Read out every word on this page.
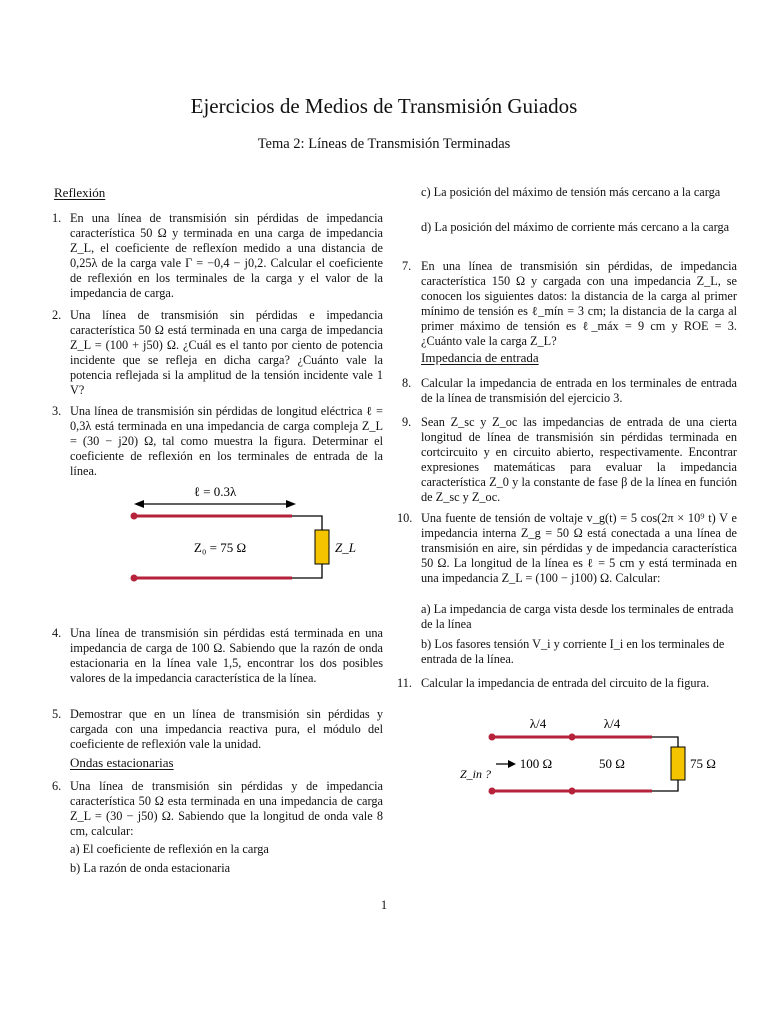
Ejercicios de Medios de Transmisión Guiados
Tema 2: Líneas de Transmisión Terminadas
Reflexión
1. En una línea de transmisión sin pérdidas de impedancia característica 50 Ω y terminada en una carga de impedancia Z_L, el coeficiente de reflexíon medido a una distancia de 0,25λ de la carga vale Γ = −0,4 − j0,2. Calcular el coeficiente de reflexión en los terminales de la carga y el valor de la impedancia de carga.
2. Una línea de transmisión sin pérdidas e impedancia característica 50 Ω está terminada en una carga de impedancia Z_L = (100 + j50) Ω. ¿Cuál es el tanto por ciento de potencia incidente que se refleja en dicha carga? ¿Cuánto vale la potencia reflejada si la amplitud de la tensión incidente vale 1 V?
3. Una línea de transmisión sin pérdidas de longitud eléctrica ℓ = 0,3λ está terminada en una impedancia de carga compleja Z_L = (30 − j20) Ω, tal como muestra la figura. Determinar el coeficiente de reflexión en los terminales de entrada de la línea.
ℓ = 0.3λ
Z_L
Z₀ = 75 Ω
4. Una línea de transmisión sin pérdidas está terminada en una impedancia de carga de 100 Ω. Sabiendo que la razón de onda estacionaria en la línea vale 1,5, encontrar los dos posibles valores de la impedancia característica de la línea.
5. Demostrar que en un línea de transmisión sin pérdidas y cargada con una impedancia reactiva pura, el módulo del coeficiente de reflexión vale la unidad.
Ondas estacionarias
6. Una línea de transmisión sin pérdidas y de impedancia característica 50 Ω esta terminada en una impedancia de carga Z_L = (30 − j50) Ω. Sabiendo que la longitud de onda vale 8 cm, calcular:
a) El coeficiente de reflexión en la carga
b) La razón de onda estacionaria
c) La posición del máximo de tensión más cercano a la carga
d) La posición del máximo de corriente más cercano a la carga
7. En una línea de transmisión sin pérdidas, de impedancia característica 150 Ω y cargada con una impedancia Z_L, se conocen los siguientes datos: la distancia de la carga al primer mínimo de tensión es ℓ_mín = 3 cm; la distancia de la carga al primer máximo de tensión es ℓ_máx = 9 cm y ROE = 3. ¿Cuánto vale la carga Z_L?
Impedancia de entrada
8. Calcular la impedancia de entrada en los terminales de entrada de la línea de transmisión del ejercicio 3.
9. Sean Z_sc y Z_oc las impedancias de entrada de una cierta longitud de línea de transmisión sin pérdidas terminada en cortcircuito y en circuito abierto, respectivamente. Encontrar expresiones matemáticas para evaluar la impedancia característica Z_0 y la constante de fase β de la línea en función de Z_sc y Z_oc.
10. Una fuente de tensión de voltaje v_g(t) = 5 cos(2π × 10⁹ t) V e impedancia interna Z_g = 50 Ω está conectada a una línea de transmisión en aire, sin pérdidas y de impedancia característica 50 Ω. La longitud de la línea es ℓ = 5 cm y está terminada en una impedancia Z_L = (100 − j100) Ω. Calcular:
a) La impedancia de carga vista desde los terminales de entrada de la línea
b) Los fasores tensión V_i y corriente I_i en los terminales de entrada de la línea.
11. Calcular la impedancia de entrada del circuito de la figura.
λ/4	λ/4
75 Ω
100 Ω	50 Ω
Z_in ?
1
